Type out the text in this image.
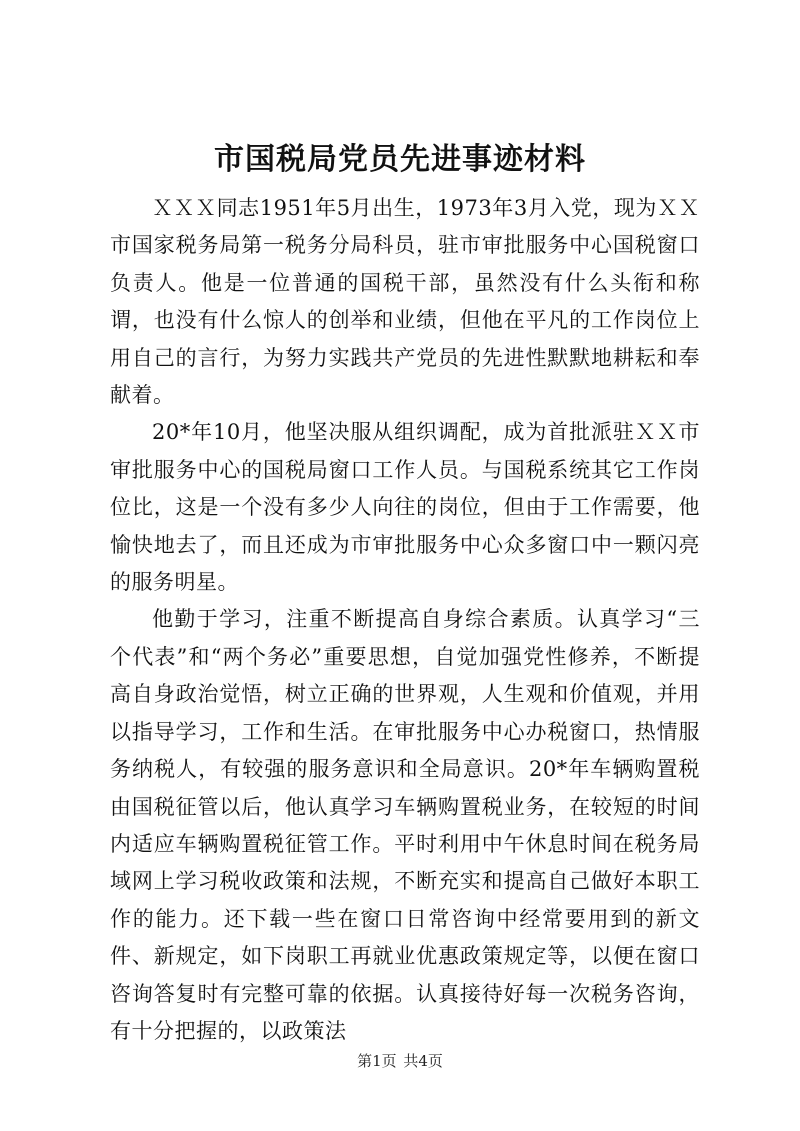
市国税局党员先进事迹材料

ＸＸＸ同志1951年5月出生，1973年3月入党，现为ＸＸ市国家税务局第一税务分局科员，驻市审批服务中心国税窗口负责人。他是一位普通的国税干部，虽然没有什么头衔和称谓，也没有什么惊人的创举和业绩，但他在平凡的工作岗位上用自己的言行，为努力实践共产党员的先进性默默地耕耘和奉献着。

20*年10月，他坚决服从组织调配，成为首批派驻ＸＸ市审批服务中心的国税局窗口工作人员。与国税系统其它工作岗位比，这是一个没有多少人向往的岗位，但由于工作需要，他愉快地去了，而且还成为市审批服务中心众多窗口中一颗闪亮的服务明星。

他勤于学习，注重不断提高自身综合素质。认真学习“三个代表”和“两个务必”重要思想，自觉加强党性修养，不断提高自身政治觉悟，树立正确的世界观，人生观和价值观，并用以指导学习，工作和生活。在审批服务中心办税窗口，热情服务纳税人，有较强的服务意识和全局意识。20*年车辆购置税由国税征管以后，他认真学习车辆购置税业务，在较短的时间内适应车辆购置税征管工作。平时利用中午休息时间在税务局域网上学习税收政策和法规，不断充实和提高自己做好本职工作的能力。还下载一些在窗口日常咨询中经常要用到的新文件、新规定，如下岗职工再就业优惠政策规定等，以便在窗口咨询答复时有完整可靠的依据。认真接待好每一次税务咨询，有十分把握的，以政策法

第1页 共4页
